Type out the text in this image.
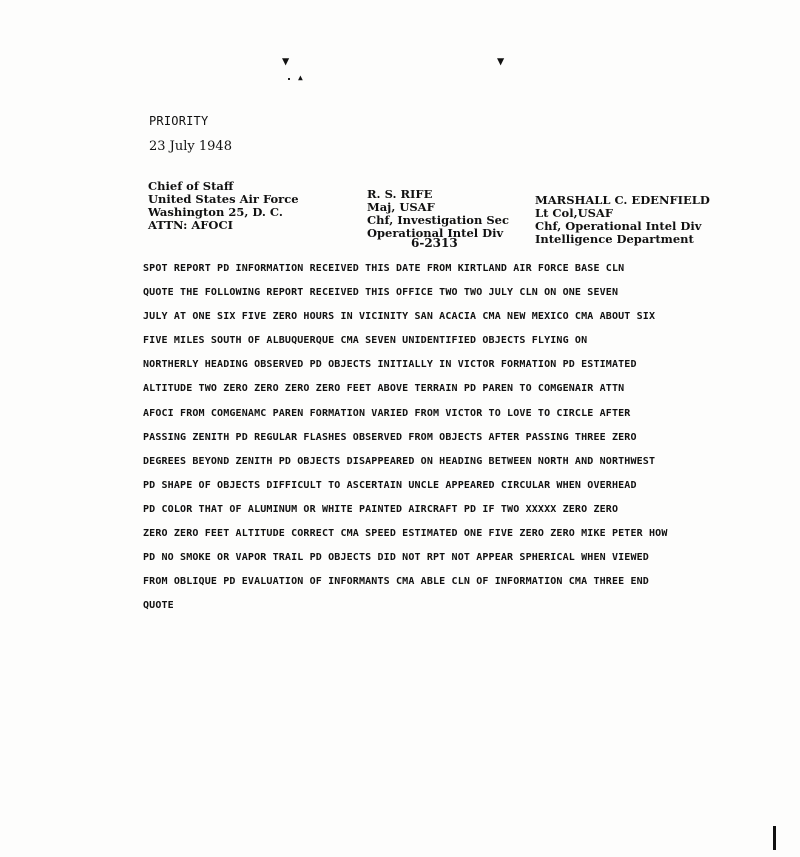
▼	▼
▲
PRIORITY
23 July 1948
Chief of Staff
United States Air Force
Washington 25, D. C.
ATTN: AFOCI
R. S. RIFE
Maj, USAF
Chf, Investigation Sec
Operational Intel Div
6-2313
MARSHALL C. EDENFIELD
Lt Col,USAF
Chf, Operational Intel Div
Intelligence Department
SPOT REPORT PD INFORMATION RECEIVED THIS DATE FROM KIRTLAND AIR FORCE BASE CLN
QUOTE THE FOLLOWING REPORT RECEIVED THIS OFFICE TWO TWO JULY CLN ON ONE SEVEN
JULY AT ONE SIX FIVE ZERO HOURS IN VICINITY SAN ACACIA CMA NEW MEXICO CMA ABOUT SIX
FIVE MILES SOUTH OF ALBUQUERQUE CMA SEVEN UNIDENTIFIED OBJECTS FLYING ON
NORTHERLY HEADING OBSERVED PD OBJECTS INITIALLY IN VICTOR FORMATION PD ESTIMATED
ALTITUDE TWO ZERO ZERO ZERO ZERO FEET ABOVE TERRAIN PD PAREN TO COMGENAIR ATTN
AFOCI FROM COMGENAMC PAREN FORMATION VARIED FROM VICTOR TO LOVE TO CIRCLE AFTER
PASSING ZENITH PD REGULAR FLASHES OBSERVED FROM OBJECTS AFTER PASSING THREE ZERO
DEGREES BEYOND ZENITH PD OBJECTS DISAPPEARED ON HEADING BETWEEN NORTH AND NORTHWEST
PD SHAPE OF OBJECTS DIFFICULT TO ASCERTAIN UNCLE APPEARED CIRCULAR WHEN OVERHEAD
PD COLOR THAT OF ALUMINUM OR WHITE PAINTED AIRCRAFT PD IF TWO XXXXX ZERO ZERO
ZERO ZERO FEET ALTITUDE CORRECT CMA SPEED ESTIMATED ONE FIVE ZERO ZERO MIKE PETER HOW
PD NO SMOKE OR VAPOR TRAIL PD OBJECTS DID NOT RPT NOT APPEAR SPHERICAL WHEN VIEWED
FROM OBLIQUE PD EVALUATION OF INFORMANTS CMA ABLE CLN OF INFORMATION CMA THREE END
QUOTE
